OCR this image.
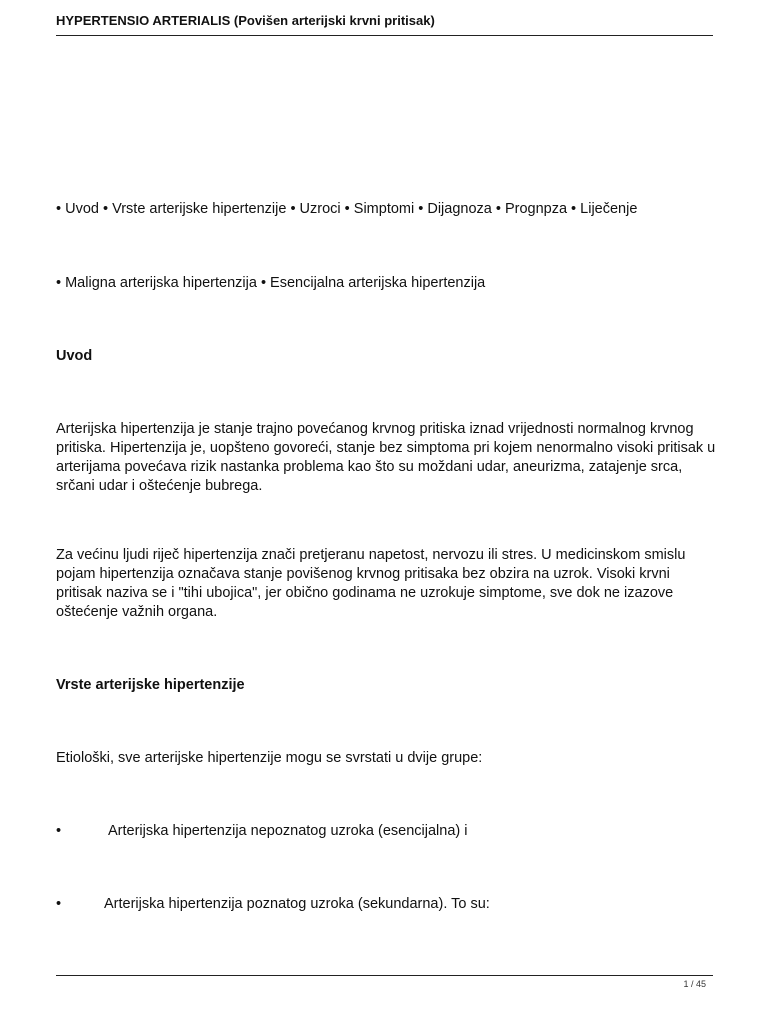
HYPERTENSIO ARTERIALIS (Povišen arterijski krvni pritisak)

• Uvod • Vrste arterijske hipertenzije • Uzroci • Simptomi • Dijagnoza • Prognpza • Liječenje

• Maligna arterijska hipertenzija • Esencijalna arterijska hipertenzija

Uvod

Arterijska hipertenzija je stanje trajno povećanog krvnog pritiska iznad vrijednosti normalnog krvnog pritiska. Hipertenzija je, uopšteno govoreći, stanje bez simptoma pri kojem nenormalno visoki pritisak u arterijama povećava rizik nastanka problema kao što su moždani udar, aneurizma, zatajenje srca, srčani udar i oštećenje bubrega.

Za većinu ljudi riječ hipertenzija znači pretjeranu napetost, nervozu ili stres. U medicinskom smislu pojam hipertenzija označava stanje povišenog krvnog pritisaka bez obzira na uzrok. Visoki krvni pritisak naziva se i "tihi ubojica", jer obično godinama ne uzrokuje simptome, sve dok ne izazove oštećenje važnih organa.

Vrste arterijske hipertenzije

Etiološki, sve arterijske hipertenzije mogu se svrstati u dvije grupe:

•	Arterijska hipertenzija nepoznatog uzroka (esencijalna) i
•	Arterijska hipertenzija poznatog uzroka (sekundarna). To su:
1 / 45
